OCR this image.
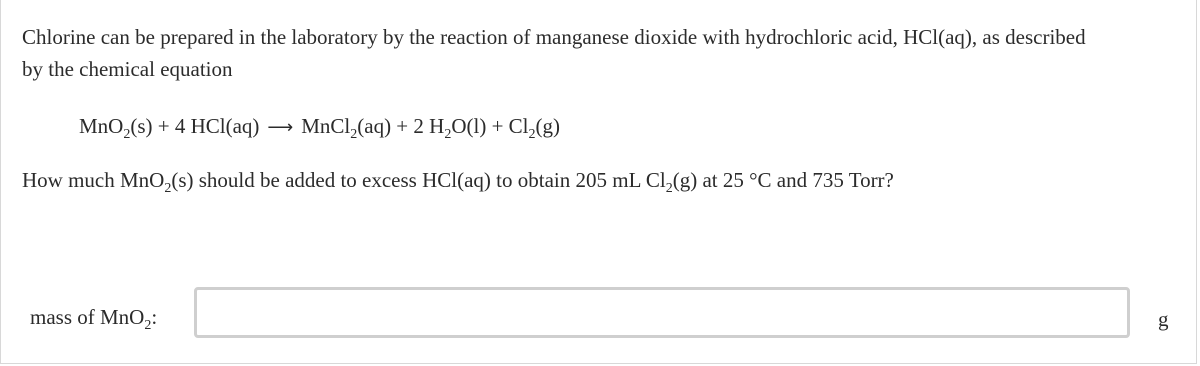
Chlorine can be prepared in the laboratory by the reaction of manganese dioxide with hydrochloric acid, HCl(aq), as described
by the chemical equation
MnO$_2$(s) + 4 HCl(aq) ⟶ MnCl$_2$(aq) + 2 $H_2O(l) + Cl_2(g)$
How much MnO$_2$(s) should be added to excess HCl(aq) to obtain 205 mL $Cl_2(g)$ at 25 °C and 735 Torr?
mass of MnO$_2$:	g
